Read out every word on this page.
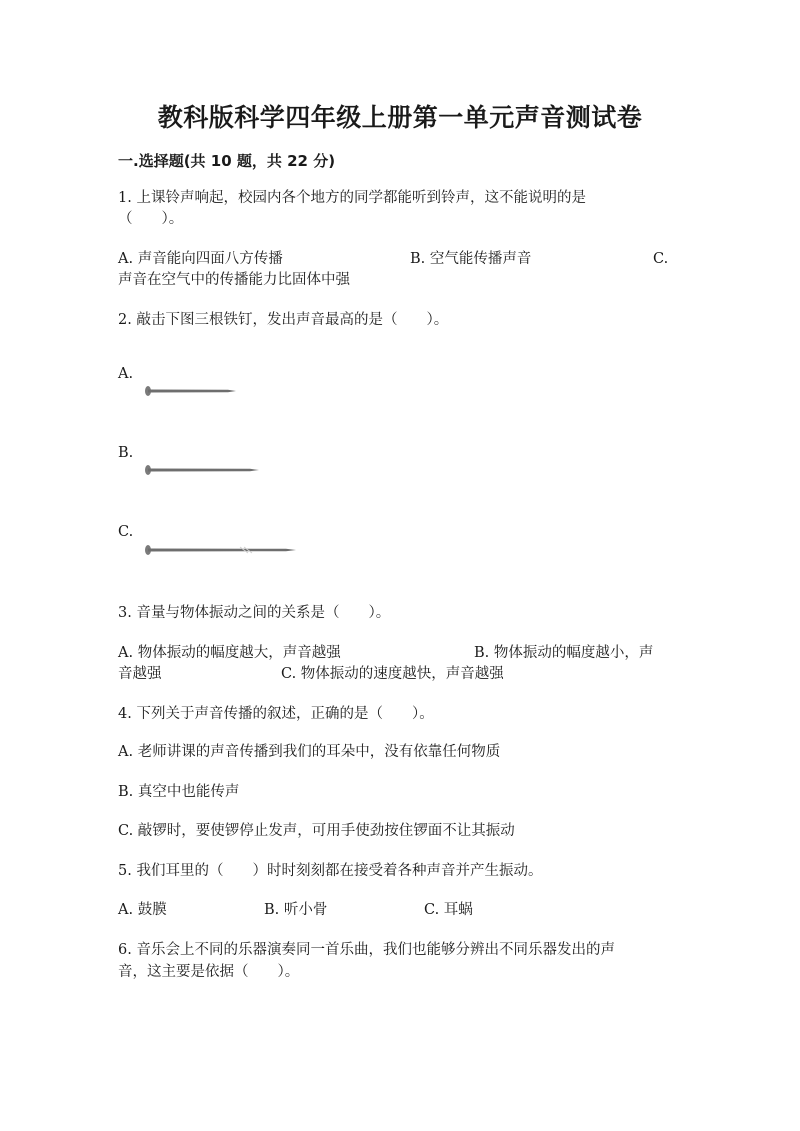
教科版科学四年级上册第一单元声音测试卷
一.选择题(共 10 题，共 22 分)
1. 上课铃声响起，校园内各个地方的同学都能听到铃声，这不能说明的是
（　　）。
A. 声音能向四面八方传播	B. 空气能传播声音	C.
声音在空气中的传播能力比固体中强
2. 敲击下图三根铁钉，发出声音最高的是（　　）。
A.
B.
C.
3. 音量与物体振动之间的关系是（　　）。
A. 物体振动的幅度越大，声音越强	B. 物体振动的幅度越小，声
音越强	C. 物体振动的速度越快，声音越强
4. 下列关于声音传播的叙述，正确的是（　　）。
A. 老师讲课的声音传播到我们的耳朵中，没有依靠任何物质
B. 真空中也能传声
C. 敲锣时，要使锣停止发声，可用手使劲按住锣面不让其振动
5. 我们耳里的（　　）时时刻刻都在接受着各种声音并产生振动。
A. 鼓膜	B. 听小骨	C. 耳蜗
6. 音乐会上不同的乐器演奏同一首乐曲，我们也能够分辨出不同乐器发出的声
音，这主要是依据（　　）。
